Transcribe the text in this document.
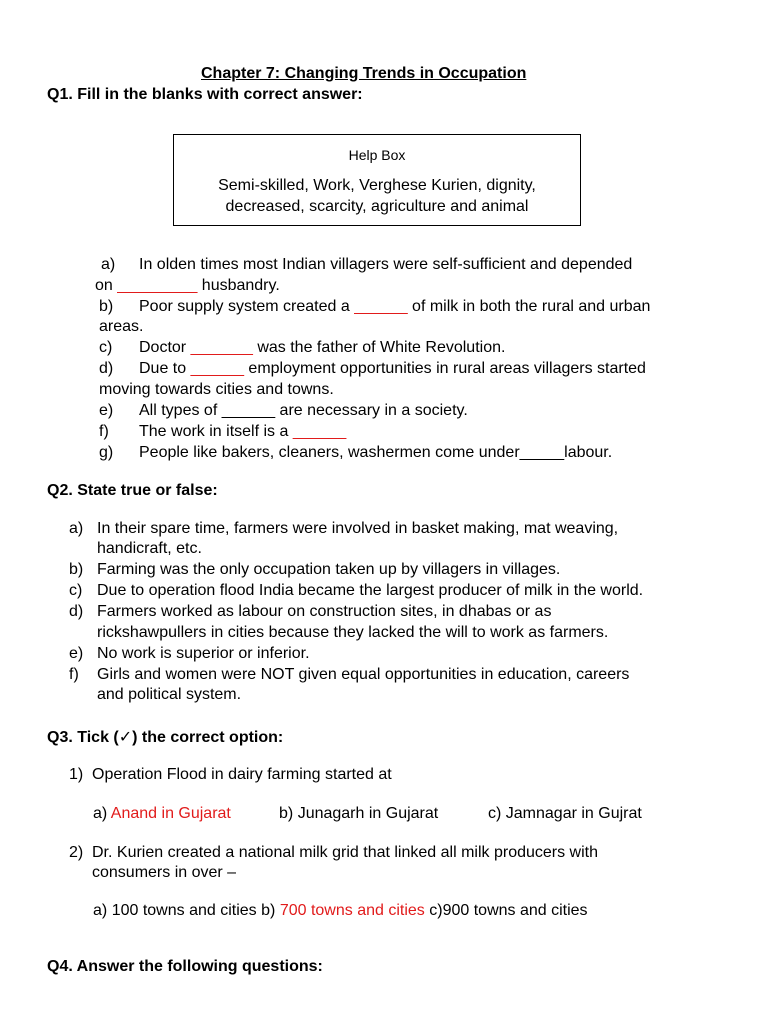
Chapter 7: Changing Trends in Occupation
Q1. Fill in the blanks with correct answer:
Help Box
Semi-skilled, Work, Verghese Kurien, dignity,
decreased, scarcity, agriculture and animal
a) In olden times most Indian villagers were self-sufficient and depended
on _________ husbandry.
b) Poor supply system created a ______ of milk in both the rural and urban
areas.
c) Doctor _______ was the father of White Revolution.
d) Due to ______ employment opportunities in rural areas villagers started
moving towards cities and towns.
e) All types of ______ are necessary in a society.
f) The work in itself is a ______
g) People like bakers, cleaners, washermen come under_____labour.
Q2. State true or false:
a) In their spare time, farmers were involved in basket making, mat weaving,
handicraft, etc.
b) Farming was the only occupation taken up by villagers in villages.
c) Due to operation flood India became the largest producer of milk in the world.
d) Farmers worked as labour on construction sites, in dhabas or as
rickshawpullers in cities because they lacked the will to work as farmers.
e) No work is superior or inferior.
f) Girls and women were NOT given equal opportunities in education, careers
and political system.
Q3. Tick (✓) the correct option:
1) Operation Flood in dairy farming started at
a) Anand in Gujarat	b) Junagarh in Gujarat	c) Jamnagar in Gujrat
2) Dr. Kurien created a national milk grid that linked all milk producers with
consumers in over –
a) 100 towns and cities b) 700 towns and cities c)900 towns and cities
Q4. Answer the following questions:
